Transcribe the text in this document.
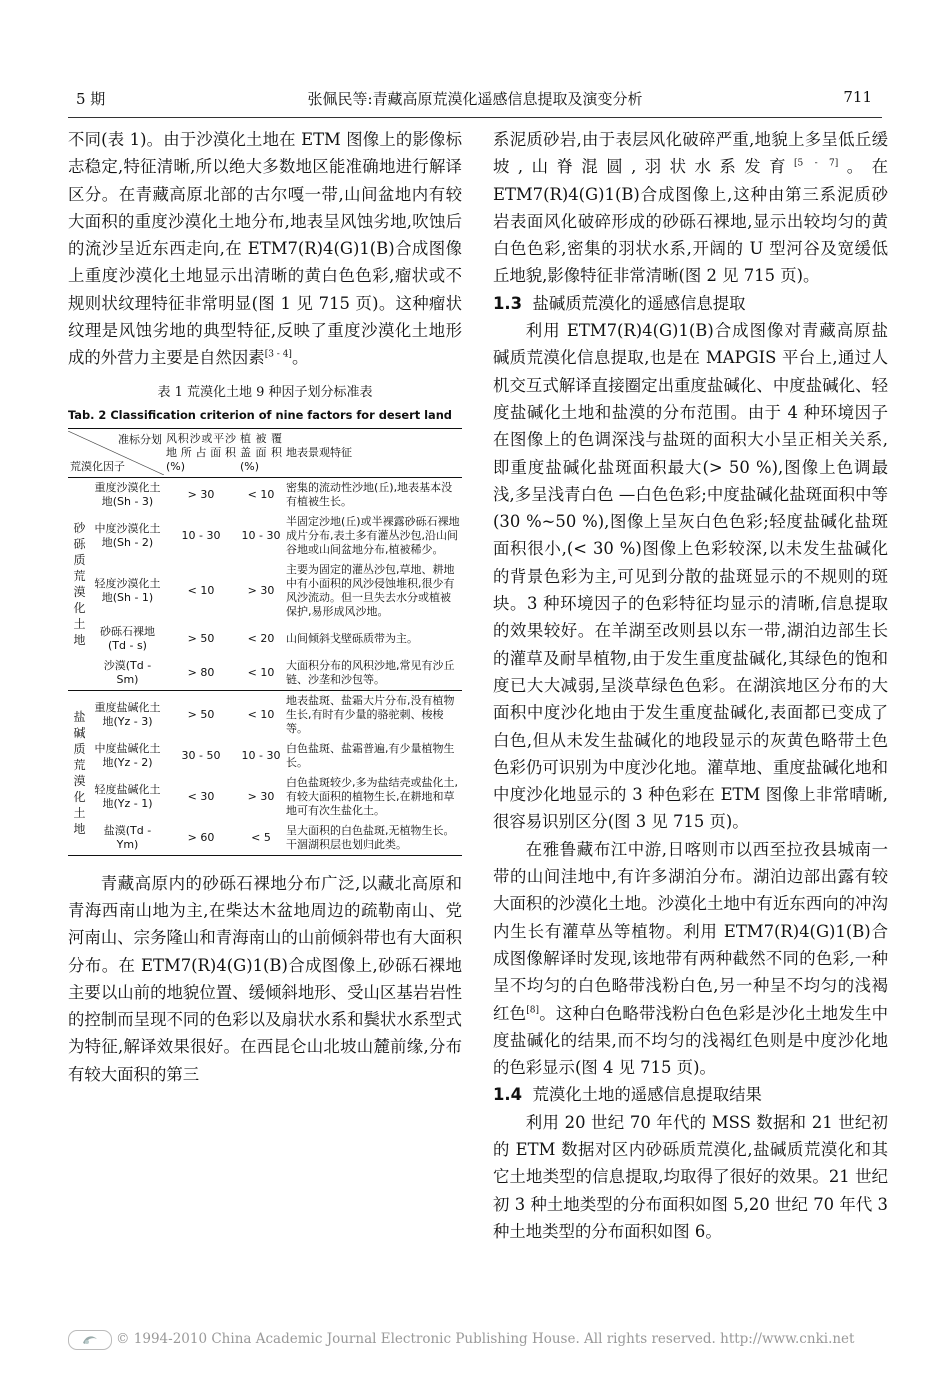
5 期	张佩民等:青藏高原荒漠化遥感信息提取及演变分析	711

不同(表 1)。由于沙漠化土地在 ETM 图像上的影像标志稳定,特征清晰,所以绝大多数地区能准确地进行解译区分。在青藏高原北部的古尔嘎一带,山间盆地内有较大面积的重度沙漠化土地分布,地表呈风蚀劣地,吹蚀后的流沙呈近东西走向,在 ETM7(R)4(G)1(B)合成图像上重度沙漠化土地显示出清晰的黄白色色彩,瘤状或不规则状纹理特征非常明显(图 1 见 715 页)。这种瘤状纹理是风蚀劣地的典型特征,反映了重度沙漠化土地形成的外营力主要是自然因素[3 - 4]。

表 1 荒漠化土地 9 种因子划分标准表

Tab. 2 Classification criterion of nine factors for desert land

准标分划
荒漠化因子		风积沙或平沙地所占面积(%)	植被覆盖面积(%)	地表景观特征
砂砾质荒漠化土地	重度沙漠化土地(Sh - 3)	> 30	< 10	密集的流动性沙地(丘),地表基本没有植被生长。
	中度沙漠化土地(Sh - 2)	10 - 30	10 - 30	半固定沙地(丘)或半裸露砂砾石裸地成片分布,表土多有灌丛沙包,沿山间谷地或山间盆地分布,植被稀少。
	轻度沙漠化土地(Sh - 1)	< 10	> 30	主要为固定的灌丛沙包,草地、耕地中有小面积的风沙侵蚀堆积,很少有风沙流动。但一旦失去水分或植被保护,易形成风沙地。
	砂砾石裸地(Td - s)	> 50	< 20	山间倾斜戈壁砾质带为主。
	沙漠(Td - Sm)	> 80	< 10	大面积分布的风积沙地,常见有沙丘链、沙垄和沙包等。
盐碱质荒漠化土地	重度盐碱化土地(Yz - 3)	> 50	< 10	地表盐斑、盐霜大片分布,没有植物生长,有时有少量的骆驼刺、梭梭等。
	中度盐碱化土地(Yz - 2)	30 - 50	10 - 30	白色盐斑、盐霜普遍,有少量植物生长。
	轻度盐碱化土地(Yz - 1)	< 30	> 30	白色盐斑较少,多为盐结壳或盐化土,有较大面积的植物生长,在耕地和草地可有次生盐化土。
	盐漠(Td - Ym)	> 60	< 5	呈大面积的白色盐斑,无植物生长。干涸湖积层也划归此类。

青藏高原内的砂砾石裸地分布广泛,以藏北高原和青海西南山地为主,在柴达木盆地周边的疏勒南山、党河南山、宗务隆山和青海南山的山前倾斜带也有大面积分布。在 ETM7(R)4(G)1(B)合成图像上,砂砾石裸地主要以山前的地貌位置、缓倾斜地形、受山区基岩岩性的控制而呈现不同的色彩以及扇状水系和鬓状水系型式为特征,解译效果很好。在西昆仑山北坡山麓前缘,分布有较大面积的第三

系泥质砂岩,由于表层风化破碎严重,地貌上多呈低丘缓坡,山脊混圆,羽状水系发育[5 - 7]。在 ETM7(R)4(G)1(B)合成图像上,这种由第三系泥质砂岩表面风化破碎形成的砂砾石裸地,显示出较均匀的黄白色色彩,密集的羽状水系,开阔的 U 型河谷及宽缓低丘地貌,影像特征非常清晰(图 2 见 715 页)。

1.3 盐碱质荒漠化的遥感信息提取

利用 ETM7(R)4(G)1(B)合成图像对青藏高原盐碱质荒漠化信息提取,也是在 MAPGIS 平台上,通过人机交互式解译直接圈定出重度盐碱化、中度盐碱化、轻度盐碱化土地和盐漠的分布范围。由于 4 种环境因子在图像上的色调深浅与盐斑的面积大小呈正相关关系,即重度盐碱化盐斑面积最大(> 50 %),图像上色调最浅,多呈浅青白色 —白色色彩;中度盐碱化盐斑面积中等(30 %~50 %),图像上呈灰白色色彩;轻度盐碱化盐斑面积很小,(< 30 %)图像上色彩较深,以未发生盐碱化的背景色彩为主,可见到分散的盐斑显示的不规则的斑块。3 种环境因子的色彩特征均显示的清晰,信息提取的效果较好。在羊湖至改则县以东一带,湖泊边部生长的灌草及耐旱植物,由于发生重度盐碱化,其绿色的饱和度已大大减弱,呈淡草绿色色彩。在湖滨地区分布的大面积中度沙化地由于发生重度盐碱化,表面都已变成了白色,但从未发生盐碱化的地段显示的灰黄色略带土色色彩仍可识别为中度沙化地。灌草地、重度盐碱化地和中度沙化地显示的 3 种色彩在 ETM 图像上非常晴晰,很容易识别区分(图 3 见 715 页)。

在雅鲁藏布江中游,日喀则市以西至拉孜县城南一带的山间洼地中,有许多湖泊分布。湖泊边部出露有较大面积的沙漠化土地。沙漠化土地中有近东西向的冲沟内生长有灌草丛等植物。利用 ETM7(R)4(G)1(B)合成图像解译时发现,该地带有两种截然不同的色彩,一种呈不均匀的白色略带浅粉白色,另一种呈不均匀的浅褐红色[8]。这种白色略带浅粉白色色彩是沙化土地发生中度盐碱化的结果,而不均匀的浅褐红色则是中度沙化地的色彩显示(图 4 见 715 页)。

1.4 荒漠化土地的遥感信息提取结果

利用 20 世纪 70 年代的 MSS 数据和 21 世纪初的 ETM 数据对区内砂砾质荒漠化,盐碱质荒漠化和其它土地类型的信息提取,均取得了很好的效果。21 世纪初 3 种土地类型的分布面积如图 5,20 世纪 70 年代 3 种土地类型的分布面积如图 6。

© 1994-2010 China Academic Journal Electronic Publishing House. All rights reserved. http://www.cnki.net
